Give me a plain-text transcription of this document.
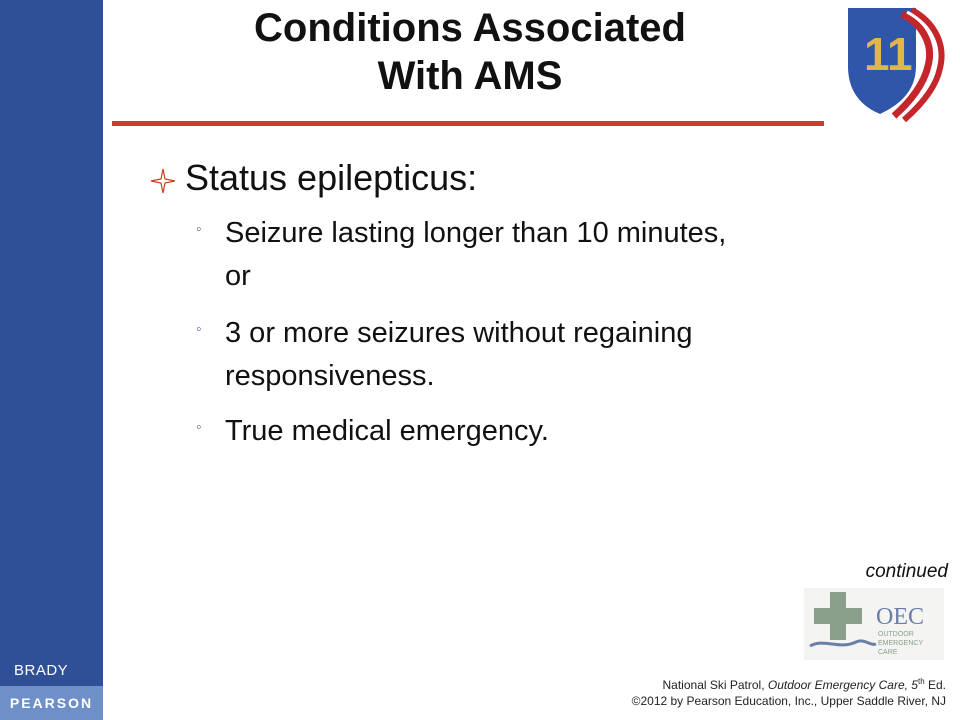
BRADY
PEARSON
Conditions Associated
With AMS	11
Status epilepticus:
◦ Seizure lasting longer than 10 minutes,
or
◦ 3 or more seizures without regaining
responsiveness.
◦ True medical emergency.
continued
OEC
OUTDOOR
EMERGENCY
CARE
National Ski Patrol, Outdoor Emergency Care, 5th Ed.
©2012 by Pearson Education, Inc., Upper Saddle River, NJ
